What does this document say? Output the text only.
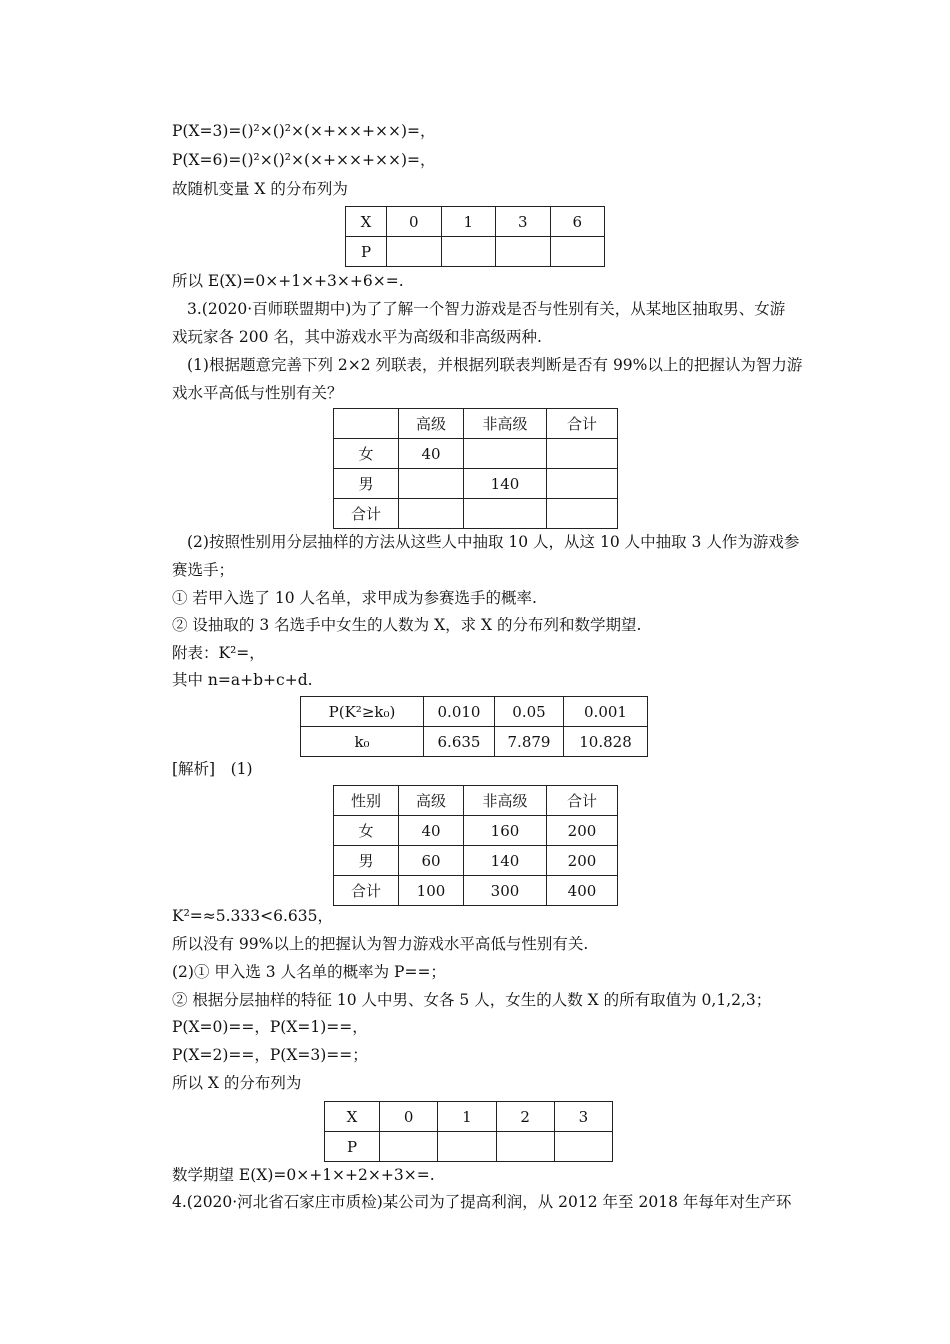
P(X=3)=()²×()²×(×+××+××)=，
P(X=6)=()²×()²×(×+××+××)=，
故随机变量 X 的分布列为
X	0	1	3	6
P				
所以 E(X)=0×+1×+3×+6×=.
3.(2020·百师联盟期中)为了了解一个智力游戏是否与性别有关，从某地区抽取男、女游
戏玩家各 200 名，其中游戏水平为高级和非高级两种.
(1)根据题意完善下列 2×2 列联表，并根据列联表判断是否有 99%以上的把握认为智力游
戏水平高低与性别有关？
	高级	非高级	合计
女	40		
男		140	
合计			
(2)按照性别用分层抽样的方法从这些人中抽取 10 人，从这 10 人中抽取 3 人作为游戏参
赛选手；
① 若甲入选了 10 人名单，求甲成为参赛选手的概率.
② 设抽取的 3 名选手中女生的人数为 X，求 X 的分布列和数学期望.
附表：K²=，
其中 n=a+b+c+d.
P(K²≥k₀)	0.010	0.05	0.001
k₀	6.635	7.879	10.828
[解析]　(1)
性别	高级	非高级	合计
女	40	160	200
男	60	140	200
合计	100	300	400
K²=≈5.333<6.635，
所以没有 99%以上的把握认为智力游戏水平高低与性别有关.
(2)① 甲入选 3 人名单的概率为 P==；
② 根据分层抽样的特征 10 人中男、女各 5 人，女生的人数 X 的所有取值为 0,1,2,3；
P(X=0)==，P(X=1)==，
P(X=2)==，P(X=3)==；
所以 X 的分布列为
X	0	1	2	3
P				
数学期望 E(X)=0×+1×+2×+3×=.
4.(2020·河北省石家庄市质检)某公司为了提高利润，从 2012 年至 2018 年每年对生产环
